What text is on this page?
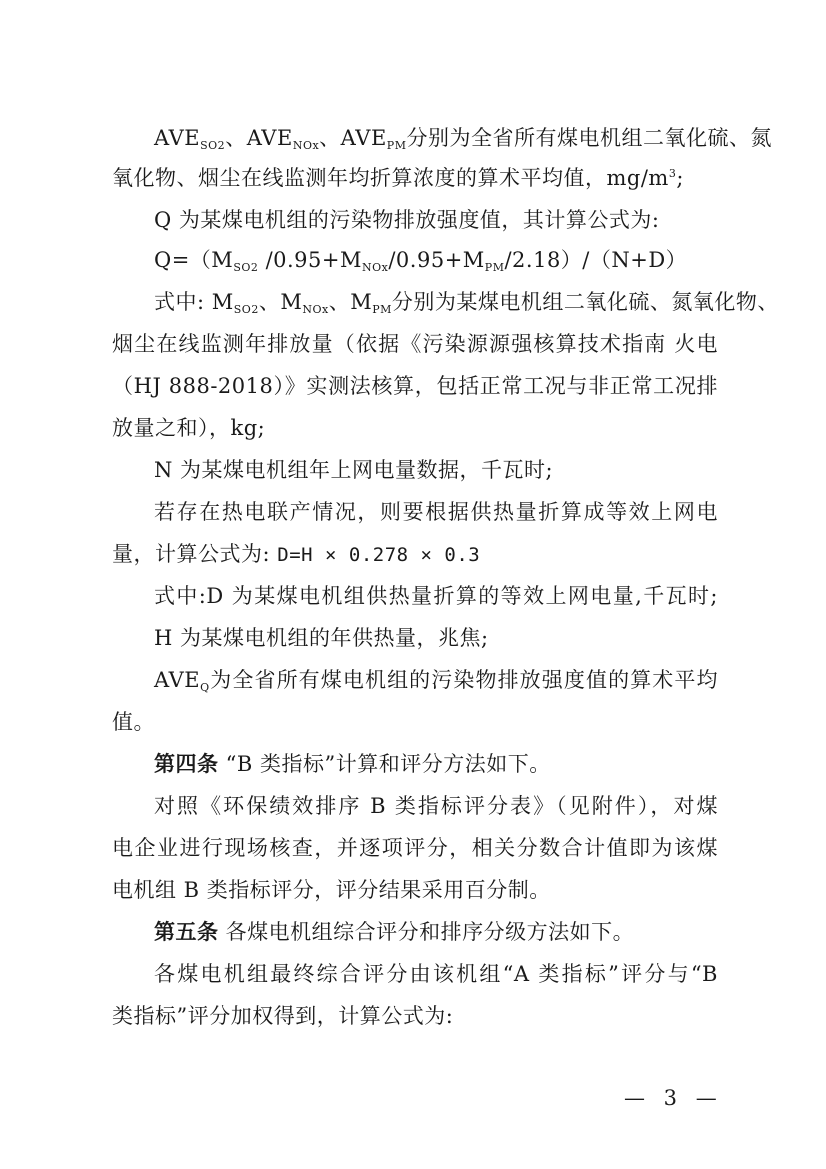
$AVE_{SO2}$、$AVE_{NOx}$、$AVE_{PM}$分别为全省所有煤电机组二氧化硫、氮
氧化物、烟尘在线监测年均折算浓度的算术平均值，$mg/m^3$;
Q 为某煤电机组的污染物排放强度值，其计算公式为:
$Q=(M_{SO2}$ $/0.95+M_{NOx}/0.95+M_{PM}/2.18)/(N+D)$
式中: $M_{SO2}$、$M_{NOx}$、$M_{PM}$分别为某煤电机组二氧化硫、氮氧化物、
烟尘在线监测年排放量（依据《污染源源强核算技术指南 火电
（HJ 888-2018）》实测法核算，包括正常工况与非正常工况排
放量之和），kg;
N 为某煤电机组年上网电量数据，千瓦时;
若存在热电联产情况，则要根据供热量折算成等效上网电
量，计算公式为: D=H × 0.278 × 0.3
式中:D 为某煤电机组供热量折算的等效上网电量,千瓦时;
H 为某煤电机组的年供热量，兆焦;
$AVE_Q$为全省所有煤电机组的污染物排放强度值的算术平均
值。
第四条 “B 类指标”计算和评分方法如下。
对照《环保绩效排序 B 类指标评分表》（见附件），对煤
电企业进行现场核查，并逐项评分，相关分数合计值即为该煤
电机组 B 类指标评分，评分结果采用百分制。
第五条 各煤电机组综合评分和排序分级方法如下。
各煤电机组最终综合评分由该机组“A 类指标”评分与“B
类指标”评分加权得到，计算公式为:
— 3 —
